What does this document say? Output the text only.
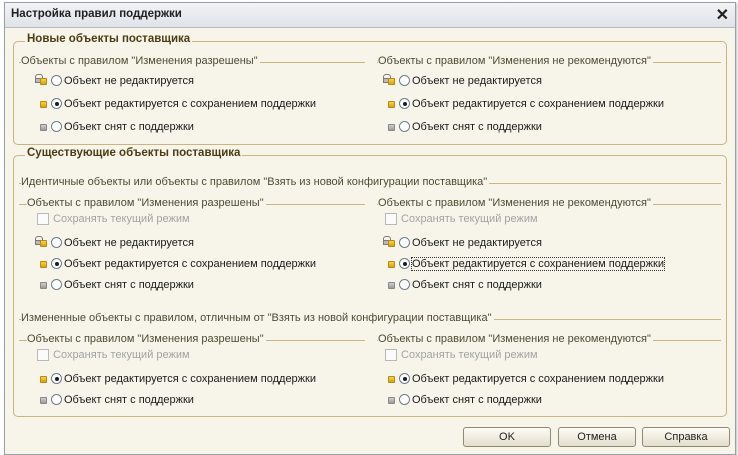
Настройка правил поддержки	✕
Новые объекты поставщика
Объекты с правилом "Изменения разрешены"	Объекты с правилом "Изменения не рекомендуются"
Объект не редактируется
Объект редактируется с сохранением поддержки
Объект снят с поддержки
Объект не редактируется
Объект редактируется с сохранением поддержки
Объект снят с поддержки
Существующие объекты поставщика
Идентичные объекты или объекты с правилом "Взять из новой конфигурации поставщика"
Объекты с правилом "Изменения разрешены"	Объекты с правилом "Изменения не рекомендуются"
Сохранять текущий режим	Сохранять текущий режим
Объект не редактируется
Объект редактируется с сохранением поддержки
Объект снят с поддержки
Объект не редактируется
Объект редактируется с сохранением поддержки
Объект снят с поддержки
Измененные объекты с правилом, отличным от "Взять из новой конфигурации поставщика"
Объекты с правилом "Изменения разрешены"	Объекты с правилом "Изменения не рекомендуются"
Сохранять текущий режим	Сохранять текущий режим
Объект редактируется с сохранением поддержки
Объект снят с поддержки
Объект редактируется с сохранением поддержки
Объект снят с поддержки
OK	Отмена	Справка
